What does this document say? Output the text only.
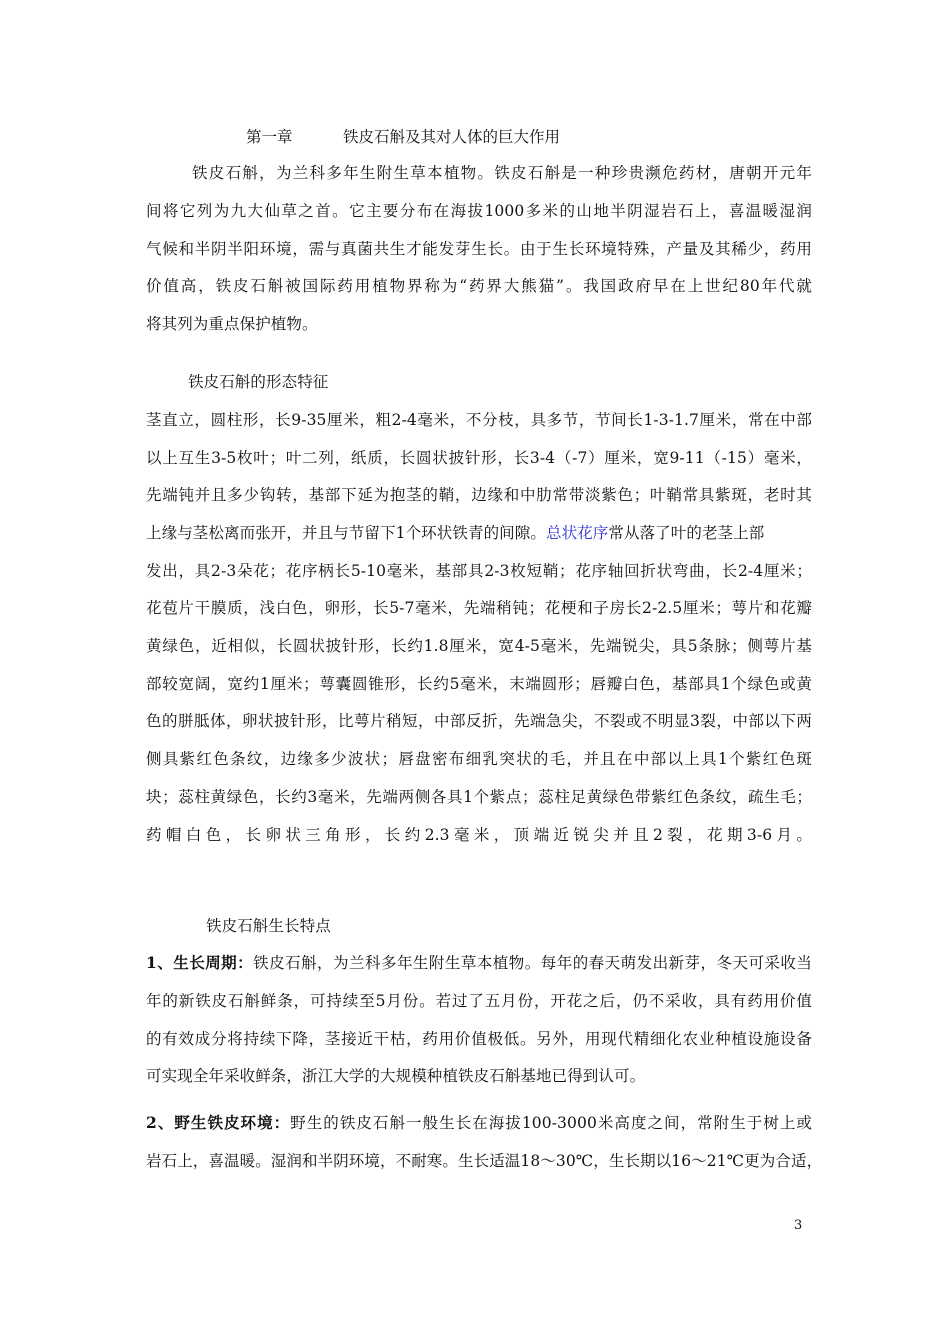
第一章	铁皮石斛及其对人体的巨大作用
铁皮石斛，为兰科多年生附生草本植物。铁皮石斛是一种珍贵濒危药材，唐朝开元年
间将它列为九大仙草之首。它主要分布在海拔1000多米的山地半阴湿岩石上，喜温暖湿润
气候和半阴半阳环境，需与真菌共生才能发芽生长。由于生长环境特殊，产量及其稀少，药用
价值高，铁皮石斛被国际药用植物界称为“药界大熊猫”。我国政府早在上世纪80年代就
将其列为重点保护植物。
铁皮石斛的形态特征
茎直立，圆柱形，长9-35厘米，粗2-4毫米，不分枝，具多节，节间长1-3-1.7厘米，常在中部
以上互生3-5枚叶；叶二列，纸质，长圆状披针形，长3-4（-7）厘米，宽9-11（-15）毫米，
先端钝并且多少钩转，基部下延为抱茎的鞘，边缘和中肋常带淡紫色；叶鞘常具紫斑，老时其
上缘与茎松离而张开，并且与节留下1个环状铁青的间隙。总状花序常从落了叶的老茎上部
发出，具2-3朵花；花序柄长5-10毫米，基部具2-3枚短鞘；花序轴回折状弯曲，长2-4厘米；
花苞片干膜质，浅白色，卵形，长5-7毫米，先端稍钝；花梗和子房长2-2.5厘米；萼片和花瓣
黄绿色，近相似，长圆状披针形，长约1.8厘米，宽4-5毫米，先端锐尖，具5条脉；侧萼片基
部较宽阔，宽约1厘米；萼囊圆锥形，长约5毫米，末端圆形；唇瓣白色，基部具1个绿色或黄
色的胼胝体，卵状披针形，比萼片稍短，中部反折，先端急尖，不裂或不明显3裂，中部以下两
侧具紫红色条纹，边缘多少波状；唇盘密布细乳突状的毛，并且在中部以上具1个紫红色斑
块；蕊柱黄绿色，长约3毫米，先端两侧各具1个紫点；蕊柱足黄绿色带紫红色条纹，疏生毛；
药帽白色，长卵状三角形，长约2.3毫米，顶端近锐尖并且2裂，花期3-6月。
铁皮石斛生长特点
1、生长周期：铁皮石斛，为兰科多年生附生草本植物。每年的春天萌发出新芽，冬天可采收当
年的新铁皮石斛鲜条，可持续至5月份。若过了五月份，开花之后，仍不采收，具有药用价值
的有效成分将持续下降，茎接近干枯，药用价值极低。另外，用现代精细化农业种植设施设备
可实现全年采收鲜条，浙江大学的大规模种植铁皮石斛基地已得到认可。
2、野生铁皮环境：野生的铁皮石斛一般生长在海拔100-3000米高度之间，常附生于树上或
岩石上，喜温暖。湿润和半阴环境，不耐寒。生长适温18～30℃，生长期以16～21℃更为合适，
3
